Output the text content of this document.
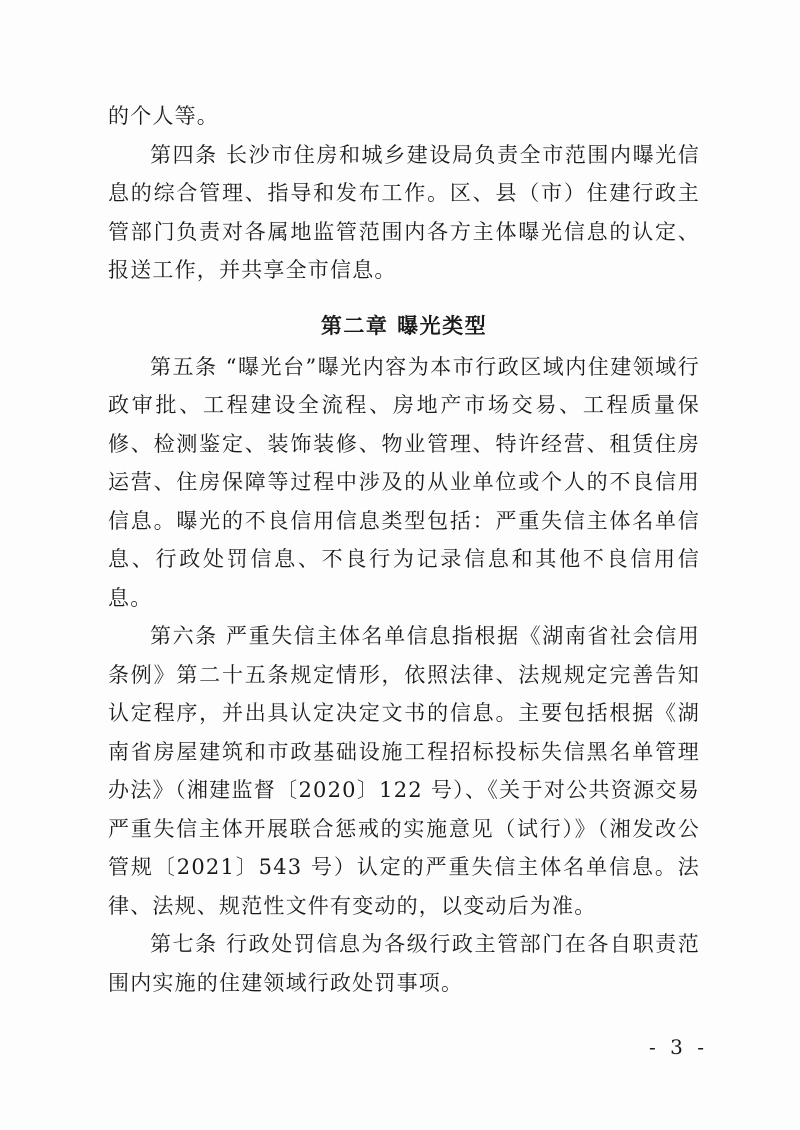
的个人等。

第四条 长沙市住房和城乡建设局负责全市范围内曝光信息的综合管理、指导和发布工作。区、县（市）住建行政主管部门负责对各属地监管范围内各方主体曝光信息的认定、报送工作，并共享全市信息。

第二章 曝光类型

第五条 “曝光台”曝光内容为本市行政区域内住建领域行政审批、工程建设全流程、房地产市场交易、工程质量保修、检测鉴定、装饰装修、物业管理、特许经营、租赁住房运营、住房保障等过程中涉及的从业单位或个人的不良信用信息。曝光的不良信用信息类型包括：严重失信主体名单信息、行政处罚信息、不良行为记录信息和其他不良信用信息。

第六条 严重失信主体名单信息指根据《湖南省社会信用条例》第二十五条规定情形，依照法律、法规规定完善告知认定程序，并出具认定决定文书的信息。主要包括根据《湖南省房屋建筑和市政基础设施工程招标投标失信黑名单管理办法》（湘建监督〔2020〕122 号）、《关于对公共资源交易严重失信主体开展联合惩戒的实施意见（试行）》（湘发改公管规〔2021〕543 号）认定的严重失信主体名单信息。法律、法规、规范性文件有变动的，以变动后为准。

第七条 行政处罚信息为各级行政主管部门在各自职责范围内实施的住建领域行政处罚事项。

- 3 -
